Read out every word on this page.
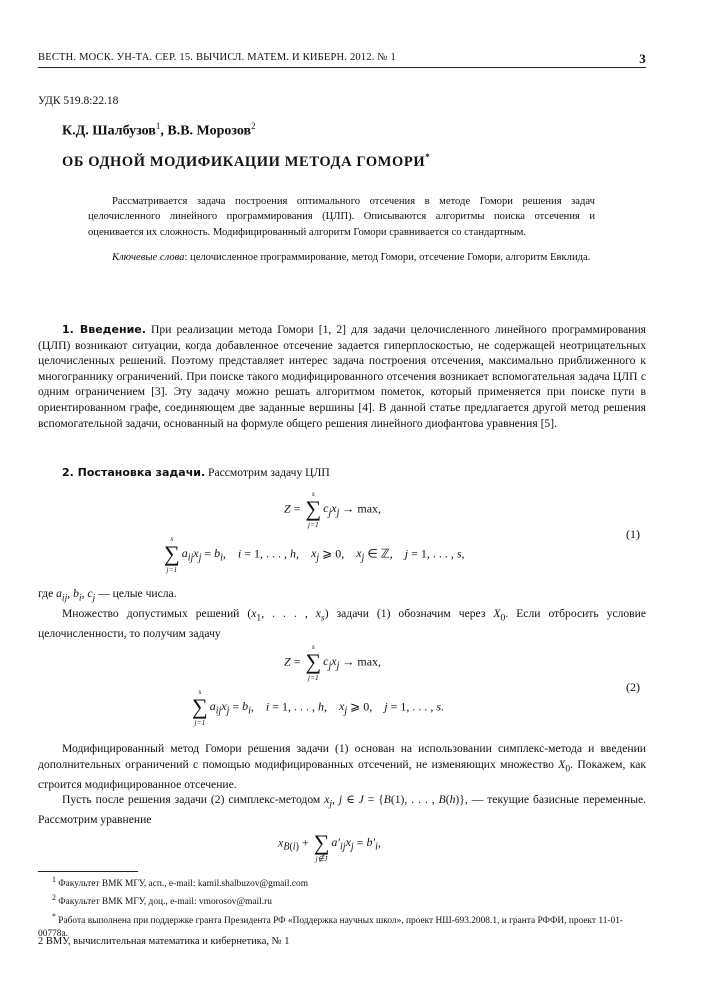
ВЕСТН. МОСК. УН-ТА. СЕР. 15. ВЫЧИСЛ. МАТЕМ. И КИБЕРН. 2012. № 1	3
УДК 519.8:22.18
К.Д. Шалбузов$^1$, В.В. Морозов$^2$
ОБ ОДНОЙ МОДИФИКАЦИИ МЕТОДА ГОМОРИ*

Рассматривается задача построения оптимального отсечения в методе Гомори решения задач целочисленного линейного программирования (ЦЛП). Описываются алгоритмы поиска отсечения и оценивается их сложность. Модифицированный алгоритм Гомори сравнивается со стандартным.

Ключевые слова: целочисленное программирование, метод Гомори, отсечение Гомори, алгоритм Евклида.

1. Введение. При реализации метода Гомори [1, 2] для задачи целочисленного линейного программирования (ЦЛП) возникают ситуации, когда добавленное отсечение задается гиперплоскостью, не содержащей неотрицательных целочисленных решений. Поэтому представляет интерес задача построения отсечения, максимально приближенного к многограннику ограничений. При поиске такого модифицированного отсечения возникает вспомогательная задача ЦЛП с одним ограничением [3]. Эту задачу можно решать алгоритмом пометок, который применяется при поиске пути в ориентированном графе, соединяющем две заданные вершины [4]. В данной статье предлагается другой метод решения вспомогательной задачи, основанный на формуле общего решения линейного диофантова уравнения [5].

2. Постановка задачи. Рассмотрим задачу ЦЛП

Z =
s
∑
j=1
$c_jx_j \to \max$,
s
∑
j=1
$a_{ij}x_j = b_i$,    i = 1, . . . , h,    $x_j$ ⩾ 0,    $x_j$ ∈ ℤ,    j = 1, . . . , s,
(1)

где $a_{ij}$, $b_i$, $c_j$ — целые числа.

Множество допустимых решений ($x_1$, . . . , $x_s$) задачи (1) обозначим через $X_0$. Если отбросить условие целочисленности, то получим задачу

Z =
s
∑
j=1
$c_jx_j \to \max$,
s
∑
j=1
$a_{ij}x_j = b_i$,    i = 1, . . . , h,    $x_j$ ⩾ 0,    j = 1, . . . , s.
(2)

Модифицированный метод Гомори решения задачи (1) основан на использовании симплекс-метода и введении дополнительных ограничений с помощью модифицированных отсечений, не изменяющих множество $X_0$. Покажем, как строится модифицированное отсечение.

Пусть после решения задачи (2) симплекс-методом $x_j$, j ∈ J = {B(1), . . . , B(h)}, — текущие базисные переменные. Рассмотрим уравнение

$x_{B(i)}$ +
∑
j∉J
$a'_{ij}x_j = b'_i$,

$^1$ Факультет ВМК МГУ, асп., e-mail: kamil.shalbuzov@gmail.com

$^2$ Факультет ВМК МГУ, доц., e-mail: vmorosov@mail.ru

* Работа выполнена при поддержке гранта Президента РФ «Поддержка научных школ», проект НШ-693.2008.1, и гранта РФФИ, проект 11-01-00778а.

2 ВМУ, вычислительная математика и кибернетика, № 1
